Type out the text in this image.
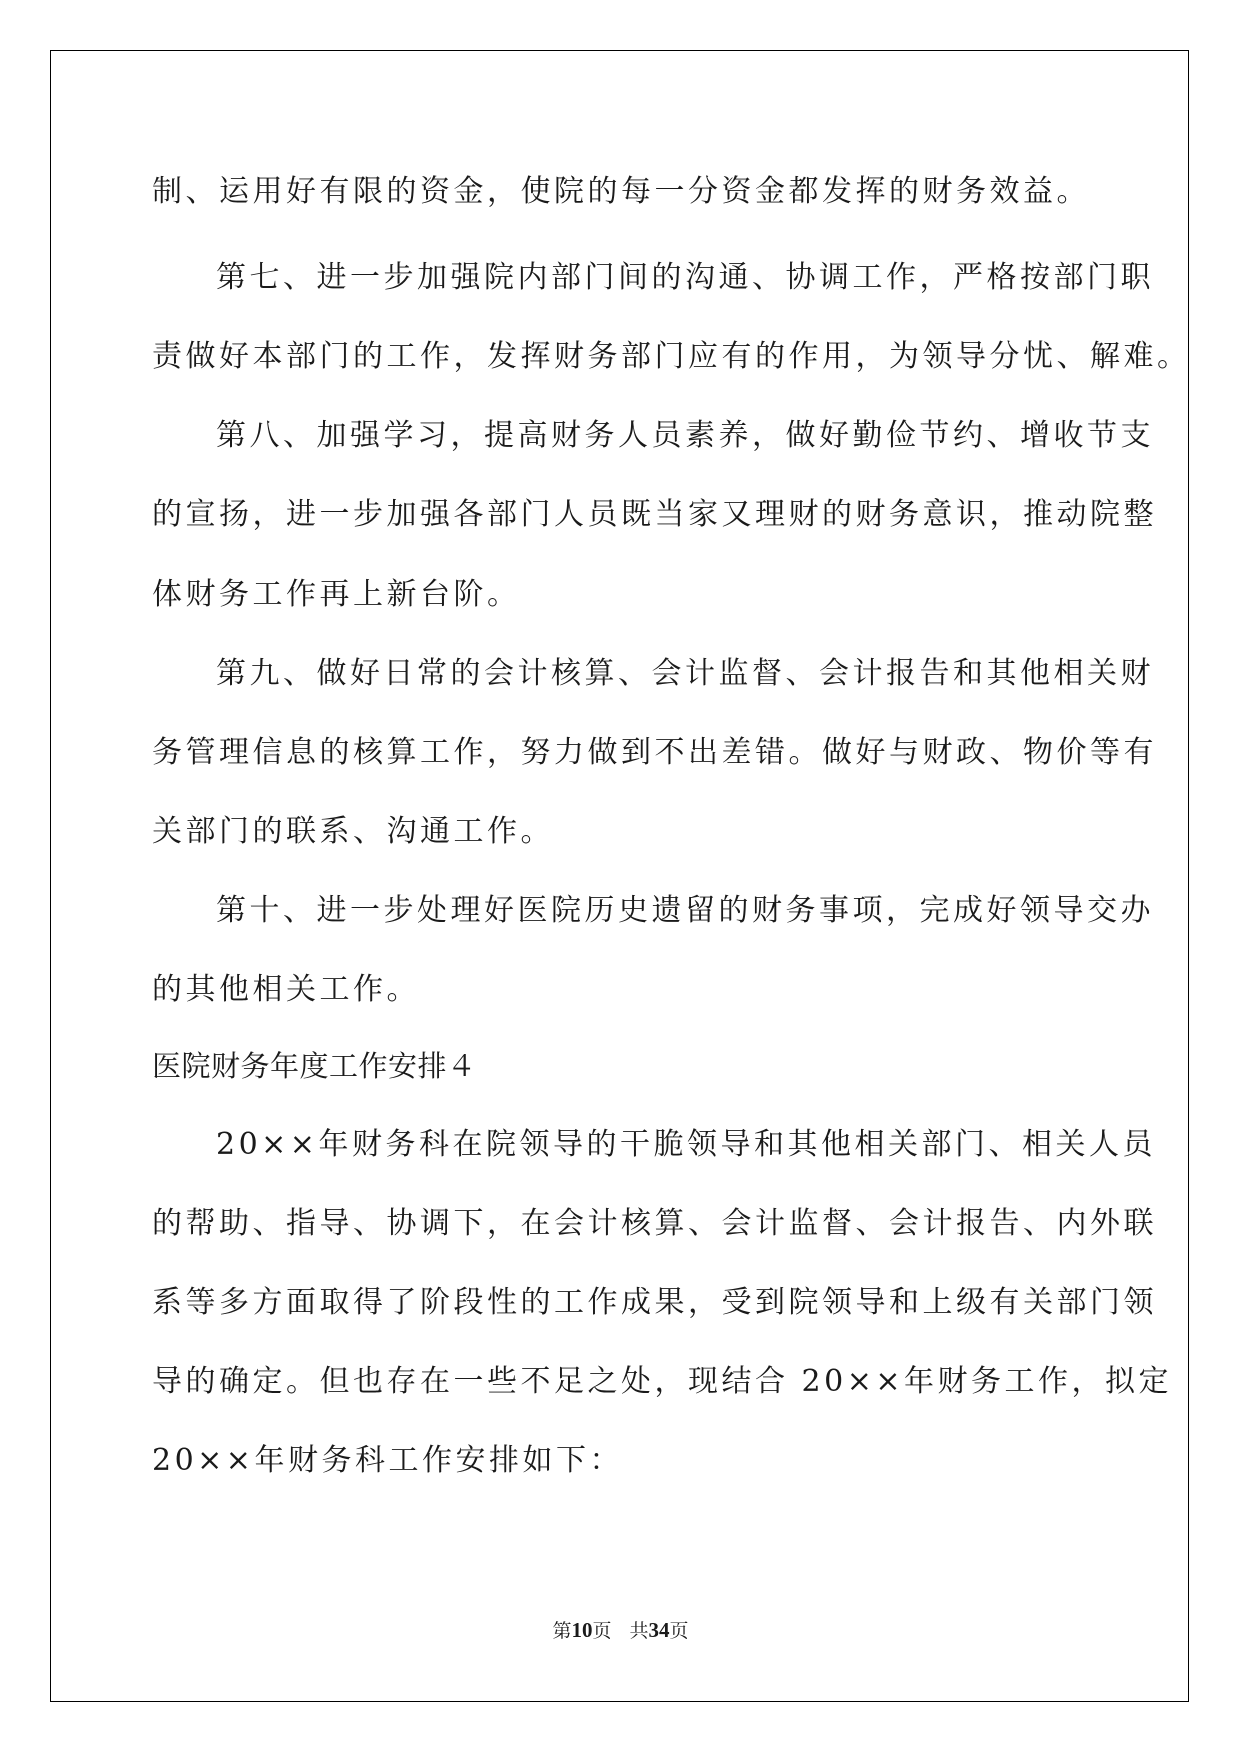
制、运用好有限的资金，使院的每一分资金都发挥的财务效益。

第七、进一步加强院内部门间的沟通、协调工作，严格按部门职

责做好本部门的工作，发挥财务部门应有的作用，为领导分忧、解难。

第八、加强学习，提高财务人员素养，做好勤俭节约、增收节支

的宣扬，进一步加强各部门人员既当家又理财的财务意识，推动院整

体财务工作再上新台阶。

第九、做好日常的会计核算、会计监督、会计报告和其他相关财

务管理信息的核算工作，努力做到不出差错。做好与财政、物价等有

关部门的联系、沟通工作。

第十、进一步处理好医院历史遗留的财务事项，完成好领导交办

的其他相关工作。

医院财务年度工作安排４

20××年财务科在院领导的干脆领导和其他相关部门、相关人员

的帮助、指导、协调下，在会计核算、会计监督、会计报告、内外联

系等多方面取得了阶段性的工作成果，受到院领导和上级有关部门领

导的确定。但也存在一些不足之处，现结合 20××年财务工作，拟定

20××年财务科工作安排如下：

第10页 共34页
